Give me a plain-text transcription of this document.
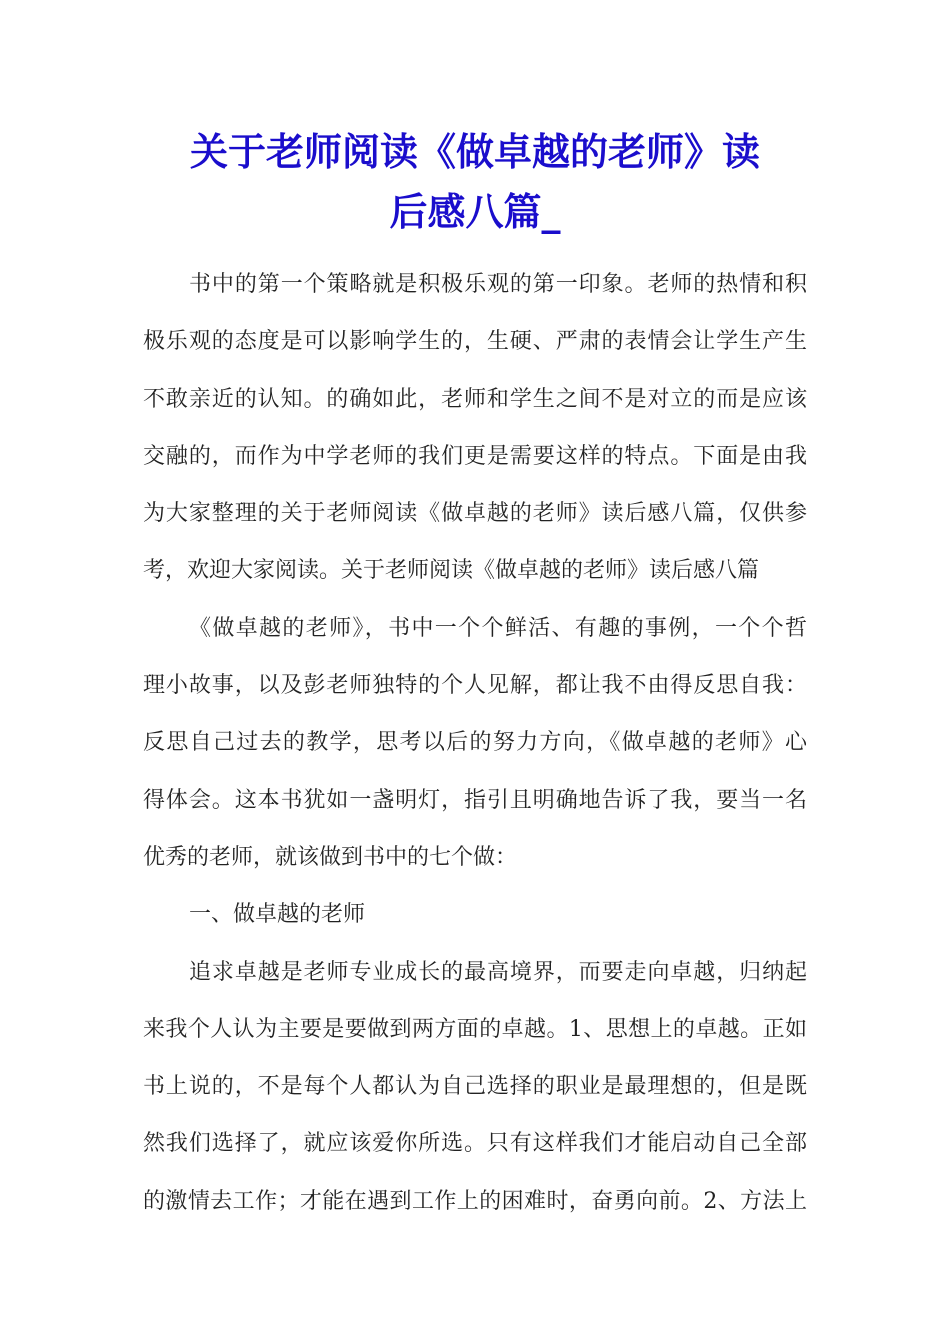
关于老师阅读《做卓越的老师》读
后感八篇_
书中的第一个策略就是积极乐观的第一印象。老师的热情和积
极乐观的态度是可以影响学生的，生硬、严肃的表情会让学生产生
不敢亲近的认知。的确如此，老师和学生之间不是对立的而是应该
交融的，而作为中学老师的我们更是需要这样的特点。下面是由我
为大家整理的关于老师阅读《做卓越的老师》读后感八篇，仅供参
考，欢迎大家阅读。关于老师阅读《做卓越的老师》读后感八篇
《做卓越的老师》，书中一个个鲜活、有趣的事例，一个个哲
理小故事，以及彭老师独特的个人见解，都让我不由得反思自我：
反思自己过去的教学，思考以后的努力方向，《做卓越的老师》心
得体会。这本书犹如一盏明灯，指引且明确地告诉了我，要当一名
优秀的老师，就该做到书中的七个做：
一、做卓越的老师
追求卓越是老师专业成长的最高境界，而要走向卓越，归纳起
来我个人认为主要是要做到两方面的卓越。1、思想上的卓越。正如
书上说的，不是每个人都认为自己选择的职业是最理想的，但是既
然我们选择了，就应该爱你所选。只有这样我们才能启动自己全部
的激情去工作；才能在遇到工作上的困难时，奋勇向前。2、方法上
